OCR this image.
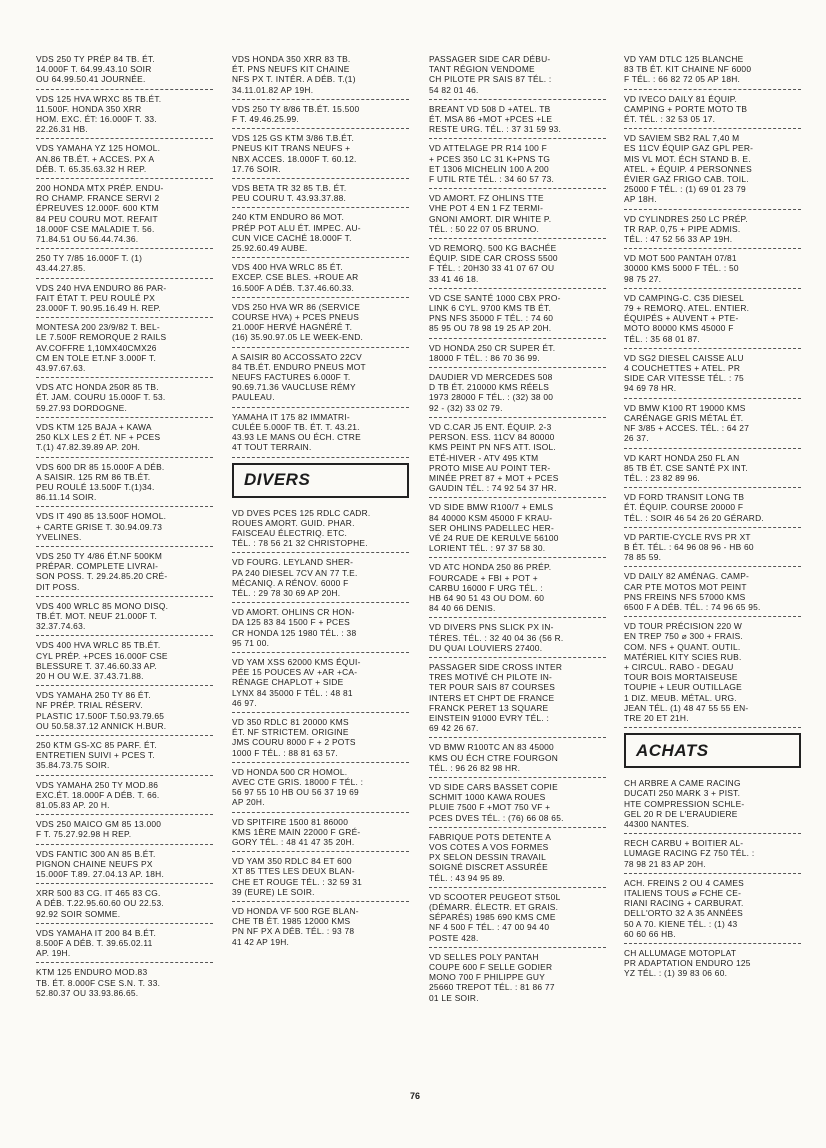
VDS 250 TY PRÉP 84 TB. ÉT.
14.000F T. 64.99.43.10 SOIR
OU 64.99.50.41 JOURNÉE.
VDS 125 HVA WRXC 85 TB.ÉT.
11.500F. HONDA 350 XRR
HOM. EXC. ÉT: 16.000F T. 33.
22.26.31 HB.
VDS YAMAHA YZ 125 HOMOL.
AN.86 TB.ÉT. + ACCES. PX A
DÉB. T. 65.35.63.32 H REP.
200 HONDA MTX PRÉP. ENDU-
RO CHAMP. FRANCE SERVI 2
ÉPREUVES 12.000F. 600 KTM
84 PEU COURU MOT. REFAIT
18.000F CSE MALADIE T. 56.
71.84.51 OU 56.44.74.36.
250 TY 7/85 16.000F T. (1)
43.44.27.85.
VDS 240 HVA ENDURO 86 PAR-
FAIT ÉTAT T. PEU ROULÉ PX
23.000F T. 90.95.16.49 H. REP.
MONTESA 200 23/9/82 T. BEL-
LE 7.500F REMORQUE 2 RAILS
AV.COFFRE 1,10MX40CMX26
CM EN TOLE ET.NF 3.000F T.
43.97.67.63.
VDS ATC HONDA 250R 85 TB.
ÉT. JAM. COURU 15.000F T. 53.
59.27.93 DORDOGNE.
VDS KTM 125 BAJA + KAWA
250 KLX LES 2 ÉT. NF + PCES
T.(1) 47.82.39.89 AP. 20H.
VDS 600 DR 85 15.000F A DÉB.
A SAISIR. 125 RM 86 TB.ÉT.
PEU ROULÉ 13.500F T.(1)34.
86.11.14 SOIR.
VDS IT 490 85 13.500F HOMOL.
+ CARTE GRISE T. 30.94.09.73
YVELINES.
VDS 250 TY 4/86 ÉT.NF 500KM
PRÉPAR. COMPLETE LIVRAI-
SON POSS. T. 29.24.85.20 CRÉ-
DIT POSS.
VDS 400 WRLC 85 MONO DISQ.
TB.ÉT. MOT. NEUF 21.000F T.
32.37.74.63.
VDS 400 HVA WRLC 85 TB.ÉT.
CYL PRÉP. +PCES 16.000F CSE
BLESSURE T. 37.46.60.33 AP.
20 H OU W.E. 37.43.71.88.
VDS YAMAHA 250 TY 86 ÉT.
NF PRÉP. TRIAL RÉSERV.
PLASTIC 17.500F T.50.93.79.65
OU 50.58.37.12 ANNICK H.BUR.
250 KTM GS-XC 85 PARF. ÉT.
ENTRETIEN SUIVI + PCES T.
35.84.73.75 SOIR.
VDS YAMAHA 250 TY MOD.86
EXC.ÉT. 18.000F A DÉB. T. 66.
81.05.83 AP. 20 H.
VDS 250 MAICO GM 85 13.000
F T. 75.27.92.98 H REP.
VDS FANTIC 300 AN 85 B.ÉT.
PIGNON CHAINE NEUFS PX
15.000F T.89. 27.04.13 AP. 18H.
XRR 500 83 CG. IT 465 83 CG.
A DÉB. T.22.95.60.60 OU 22.53.
92.92 SOIR SOMME.
VDS YAMAHA IT 200 84 B.ÉT.
8.500F A DÉB. T. 39.65.02.11
AP. 19H.
KTM 125 ENDURO MOD.83
TB. ÉT. 8.000F CSE S.N. T. 33.
52.80.37 OU 33.93.86.65.
VDS HONDA 350 XRR 83 TB.
ÉT. PNS NEUFS KIT CHAINE
NFS PX T. INTÉR. A DÉB. T.(1)
34.11.01.82 AP 19H.
VDS 250 TY 8/86 TB.ÉT. 15.500
F T. 49.46.25.99.
VDS 125 GS KTM 3/86 T.B.ÉT.
PNEUS KIT TRANS NEUFS +
NBX ACCES. 18.000F T. 60.12.
17.76 SOIR.
VDS BETA TR 32 85 T.B. ÉT.
PEU COURU T. 43.93.37.88.
240 KTM ENDURO 86 MOT.
PRÉP POT ALU ÉT. IMPEC. AU-
CUN VICE CACHÉ 18.000F T.
25.92.60.49 AUBE.
VDS 400 HVA WRLC 85 ÉT.
EXCEP. CSE BLES. +ROUE AR
16.500F A DÉB. T.37.46.60.33.
VDS 250 HVA WR 86 (SERVICE
COURSE HVA) + PCES PNEUS
21.000F HERVÉ HAGNÉRÉ T.
(16) 35.90.97.05 LE WEEK-END.
A SAISIR 80 ACCOSSATO 22CV
84 TB.ÉT. ENDURO PNEUS MOT
NEUFS FACTURES 6.000F T.
90.69.71.36 VAUCLUSE RÉMY
PAULEAU.
YAMAHA IT 175 82 IMMATRI-
CULÉE 5.000F TB. ÉT. T. 43.21.
43.93 LE MANS OU ÉCH. CTRE
4T TOUT TERRAIN.
DIVERS
VD DVES PCES 125 RDLC CADR.
ROUES AMORT. GUID. PHAR.
FAISCEAU ÉLECTRIQ. ETC.
TÉL. : 78 56 21 32 CHRISTOPHE.
VD FOURG. LEYLAND SHER-
PA 240 DIESEL 7CV AN 77 T.E.
MÉCANIQ. A RÉNOV. 6000 F
TÉL. : 29 78 30 69 AP 20H.
VD AMORT. OHLINS CR HON-
DA 125 83 84 1500 F + PCES
CR HONDA 125 1980 TÉL. : 38
95 71 00.
VD YAM XSS 62000 KMS ÉQUI-
PÉE 15 POUCES AV +AR +CA-
RÉNAGE CHAPLOT + SIDE
LYNX 84 35000 F TÉL. : 48 81
46 97.
VD 350 RDLC 81 20000 KMS
ÉT. NF STRICTEM. ORIGINE
JMS COURU 8000 F + 2 POTS
1000 F TÉL. : 88 81 63 57.
VD HONDA 500 CR HOMOL.
AVEC CTE GRIS. 18000 F TÉL. :
56 97 55 10 HB OU 56 37 19 69
AP 20H.
VD SPITFIRE 1500 81 86000
KMS 1ÈRE MAIN 22000 F GRÉ-
GORY TÉL. : 48 41 47 35 20H.
VD YAM 350 RDLC 84 ET 600
XT 85 TTES LES DEUX BLAN-
CHE ET ROUGE TÉL. : 32 59 31
39 (EURE) LE SOIR.
VD HONDA VF 500 RGE BLAN-
CHE TB ÉT. 1985 12000 KMS
PN NF PX A DÉB. TÉL. : 93 78
41 42 AP 19H.
PASSAGER SIDE CAR DÉBU-
TANT RÉGION VENDOME
CH PILOTE PR SAIS 87 TÉL. :
54 82 01 46.
BREANT VD 508 D +ATEL. TB
ÉT. MSA 86 +MOT +PCES +LE
RESTE URG. TÉL. : 37 31 59 93.
VD ATTELAGE PR R14 100 F
+ PCES 350 LC 31 K+PNS TG
ET 1306 MICHELIN 100 A 200
F UTIL RTE TÉL. : 34 60 57 73.
VD AMORT. FZ OHLINS TTE
VHE POT 4 EN 1 FZ TERMI-
GNONI AMORT. DIR WHITE P.
TÉL. : 50 22 07 05 BRUNO.
VD REMORQ. 500 KG BACHÉE
ÉQUIP. SIDE CAR CROSS 5500
F TÉL. : 20H30 33 41 07 67 OU
33 41 46 18.
VD CSE SANTÉ 1000 CBX PRO-
LINK 6 CYL. 9700 KMS TB ÉT.
PNS NFS 35000 F TÉL. : 74 60
85 95 OU 78 98 19 25 AP 20H.
VD HONDA 250 CR SUPER ÉT.
18000 F TÉL. : 86 70 36 99.
DAUDIER VD MERCEDES 508
D TB ÉT. 210000 KMS RÉELS
1973 28000 F TÉL. : (32) 38 00
92 - (32) 33 02 79.
VD C.CAR J5 ENT. ÉQUIP. 2-3
PERSON. ESS. 11CV 84 80000
KMS PEINT PN NFS ATT. ISOL.
ETÉ-HIVER - ATV 495 KTM
PROTO MISE AU POINT TER-
MINÉE PRET 87 + MOT + PCES
GAUDIN TÉL. : 74 92 54 37 HR.
VD SIDE BMW R100/7 + EMLS
84 40000 KSM 45000 F KRAU-
SER OHLINS PADELLEC HER-
VÉ 24 RUE DE KERULVE 56100
LORIENT TÉL. : 97 37 58 30.
VD ATC HONDA 250 86 PRÉP.
FOURCADE + FBI + POT +
CARBU 16000 F URG TÉL. :
HB 64 90 51 43 OU DOM. 60
84 40 66 DENIS.
VD DIVERS PNS SLICK PX IN-
TÉRES. TÉL. : 32 40 04 36 (56 R.
DU QUAI LOUVIERS 27400.
PASSAGER SIDE CROSS INTER
TRES MOTIVÉ CH PILOTE IN-
TER POUR SAIS 87 COURSES
INTERS ET CHPT DE FRANCE
FRANCK PERET 13 SQUARE
EINSTEIN 91000 EVRY TÉL. :
69 42 26 67.
VD BMW R100TC AN 83 45000
KMS OU ÉCH CTRE FOURGON
TÉL. : 96 26 82 98 HR.
VD SIDE CARS BASSET COPIE
SCHMIT 1000 KAWA ROUES
PLUIE 7500 F +MOT 750 VF +
PCES DVES TÉL. : (76) 66 08 65.
FABRIQUE POTS DETENTE A
VOS COTES A VOS FORMES
PX SELON DESSIN TRAVAIL
SOIGNÉ DISCRET ASSURÉE
TÉL. : 43 94 95 89.
VD SCOOTER PEUGEOT ST50L
(DÉMARR. ÉLECTR. ET GRAIS.
SÉPARÉS) 1985 690 KMS CME
NF 4 500 F TÉL. : 47 00 94 40
POSTE 428.
VD SELLES POLY PANTAH
COUPE 600 F SELLE GODIER
MONO 700 F PHILIPPE GUY
25660 TREPOT TÉL. : 81 86 77
01 LE SOIR.
VD YAM DTLC 125 BLANCHE
83 TB ÉT. KIT CHAINE NF 6000
F TÉL. : 66 82 72 05 AP 18H.
VD IVECO DAILY 81 ÉQUIP.
CAMPING + PORTE MOTO TB
ÉT. TÉL. : 32 53 05 17.
VD SAVIEM SB2 RAL 7,40 M
ES 11CV ÉQUIP GAZ GPL PER-
MIS VL MOT. ÉCH STAND B. E.
ATEL. + ÉQUIP. 4 PERSONNES
ÉVIER GAZ FRIGO CAB. TOIL.
25000 F TÉL. : (1) 69 01 23 79
AP 18H.
VD CYLINDRES 250 LC PRÉP.
TR RAP. 0,75 + PIPE ADMIS.
TÉL. : 47 52 56 33 AP 19H.
VD MOT 500 PANTAH 07/81
30000 KMS 5000 F TÉL. : 50
98 75 27.
VD CAMPING-C. C35 DIESEL
79 + REMORQ. ATEL. ENTIER.
ÉQUIPÉS + AUVENT + PTE-
MOTO 80000 KMS 45000 F
TÉL. : 35 68 01 87.
VD SG2 DIESEL CAISSE ALU
4 COUCHETTES + ATEL. PR
SIDE CAR VITESSE TÉL. : 75
94 69 78 HR.
VD BMW K100 RT 19000 KMS
CARÉNAGE GRIS MÉTAL ÉT.
NF 3/85 + ACCES. TÉL. : 64 27
26 37.
VD KART HONDA 250 FL AN
85 TB ÉT. CSE SANTÉ PX INT.
TÉL. : 23 82 89 96.
VD FORD TRANSIT LONG TB
ÉT. ÉQUIP. COURSE 20000 F
TÉL. : SOIR 46 54 26 20 GÉRARD.
VD PARTIE-CYCLE RVS PR XT
B ÉT. TÉL. : 64 96 08 96 - HB 60
78 85 59.
VD DAILY 82 AMÉNAG. CAMP-
CAR PTE MOTOS MOT PEINT
PNS FREINS NFS 57000 KMS
6500 F A DÉB. TÉL. : 74 96 65 95.
VD TOUR PRÉCISION 220 W
EN TREP 750 ⌀ 300 + FRAIS.
COM. NFS + QUANT. OUTIL.
MATÉRIEL KITY SCIES RUB.
+ CIRCUL. RABO - DEGAU
TOUR BOIS MORTAISEUSE
TOUPIE + LEUR OUTILLAGE
1 DIZ. MEUB. MÉTAL. URG.
JEAN TÉL. (1) 48 47 55 55 EN-
TRE 20 ET 21H.
ACHATS
CH ARBRE A CAME RACING
DUCATI 250 MARK 3 + PIST.
HTE COMPRESSION SCHLE-
GEL 20 R DE L'ERAUDIERE
44300 NANTES.
RECH CARBU + BOITIER AL-
LUMAGE RACING FZ 750 TÉL. :
78 98 21 83 AP 20H.
ACH. FREINS 2 OU 4 CAMES
ITALIENS TOUS ⌀ FCHE CE-
RIANI RACING + CARBURAT.
DELL'ORTO 32 A 35 ANNÉES
50 A 70. KIENE TÉL. : (1) 43
60 60 66 HB.
CH ALLUMAGE MOTOPLAT
PR ADAPTATION ENDURO 125
YZ TÉL. : (1) 39 83 06 60.
76
